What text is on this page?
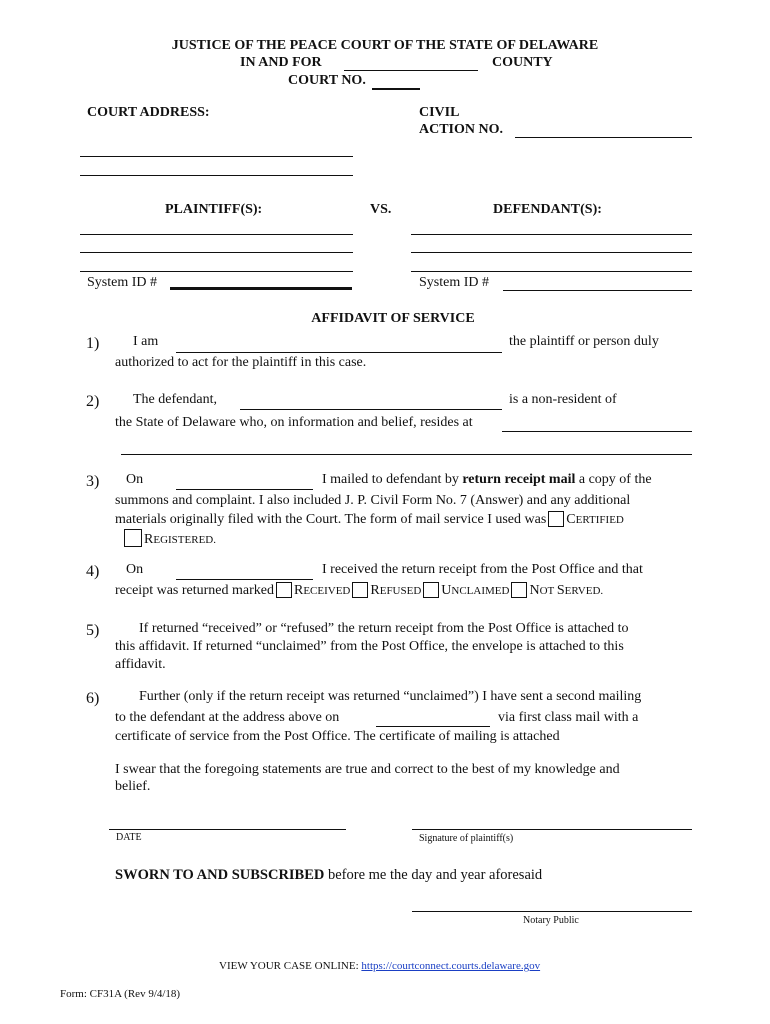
JUSTICE OF THE PEACE COURT OF THE STATE OF DELAWARE
IN AND FOR	COUNTY
COURT NO.
COURT ADDRESS:	CIVIL
ACTION NO.
PLAINTIFF(S):	VS.	DEFENDANT(S):
System ID #	System ID #
AFFIDAVIT OF SERVICE
1) I am	the plaintiff or person duly
authorized to act for the plaintiff in this case.
2) The defendant,	is a non-resident of
the State of Delaware who, on information and belief, resides at
3) On	I mailed to defendant by return receipt mail a copy of the
summons and complaint. I also included J. P. Civil Form No. 7 (Answer) and any additional
materials originally filed with the Court. The form of mail service I used was CERTIFIED
REGISTERED.
4) On	I received the return receipt from the Post Office and that
receipt was returned marked RECEIVED REFUSED UNCLAIMED NOT SERVED.
5)	If returned “received” or “refused” the return receipt from the Post Office is attached to
this affidavit. If returned “unclaimed” from the Post Office, the envelope is attached to this
affidavit.
6)	Further (only if the return receipt was returned “unclaimed”) I have sent a second mailing
to the defendant at the address above on	via first class mail with a
certificate of service from the Post Office. The certificate of mailing is attached
I swear that the foregoing statements are true and correct to the best of my knowledge and
belief.
DATE	Signature of plaintiff(s)
SWORN TO AND SUBSCRIBED before me the day and year aforesaid
Notary Public
VIEW YOUR CASE ONLINE: https://courtconnect.courts.delaware.gov
Form: CF31A (Rev 9/4/18)
